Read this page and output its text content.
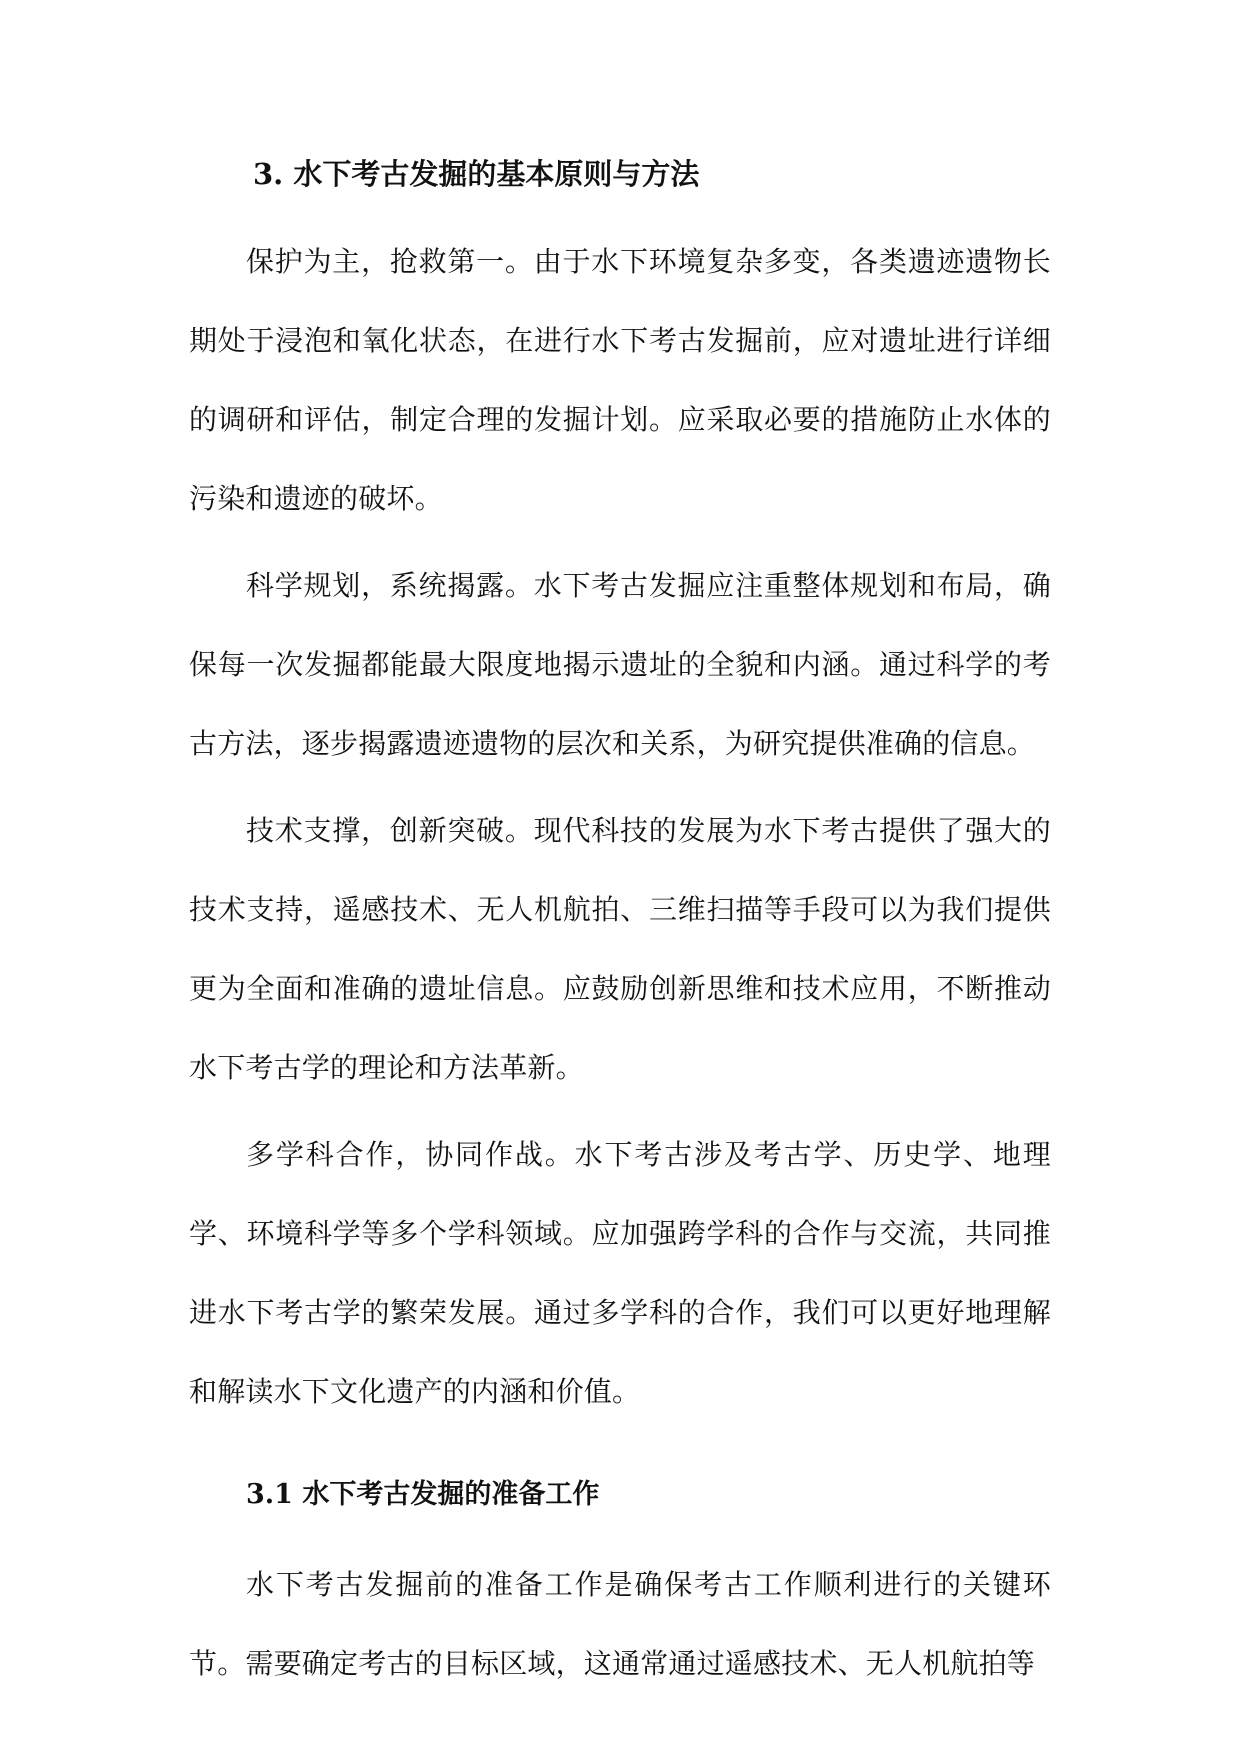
3. 水下考古发掘的基本原则与方法

保护为主，抢救第一。由于水下环境复杂多变，各类遗迹遗物长期处于浸泡和氧化状态，在进行水下考古发掘前，应对遗址进行详细的调研和评估，制定合理的发掘计划。应采取必要的措施防止水体的污染和遗迹的破坏。

科学规划，系统揭露。水下考古发掘应注重整体规划和布局，确保每一次发掘都能最大限度地揭示遗址的全貌和内涵。通过科学的考古方法，逐步揭露遗迹遗物的层次和关系，为研究提供准确的信息。

技术支撑，创新突破。现代科技的发展为水下考古提供了强大的技术支持，遥感技术、无人机航拍、三维扫描等手段可以为我们提供更为全面和准确的遗址信息。应鼓励创新思维和技术应用，不断推动水下考古学的理论和方法革新。

多学科合作，协同作战。水下考古涉及考古学、历史学、地理学、环境科学等多个学科领域。应加强跨学科的合作与交流，共同推进水下考古学的繁荣发展。通过多学科的合作，我们可以更好地理解和解读水下文化遗产的内涵和价值。

3.1 水下考古发掘的准备工作

水下考古发掘前的准备工作是确保考古工作顺利进行的关键环节。需要确定考古的目标区域，这通常通过遥感技术、无人机航拍等
